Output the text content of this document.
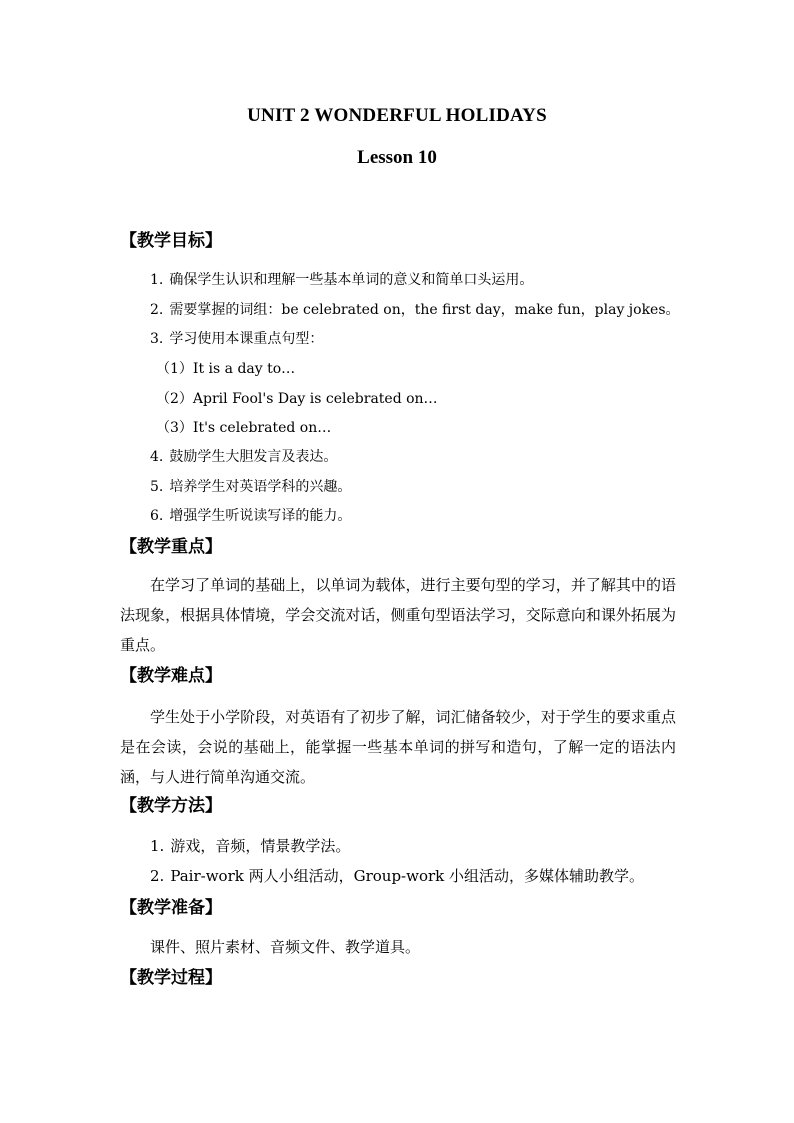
UNIT 2 WONDERFUL HOLIDAYS
Lesson 10
【教学目标】
1. 确保学生认识和理解一些基本单词的意义和简单口头运用。
2. 需要掌握的词组：be celebrated on，the first day，make fun，play jokes。
3. 学习使用本课重点句型：
（1）It is a day to…
（2）April Fool's Day is celebrated on…
（3）It's celebrated on…
4. 鼓励学生大胆发言及表达。
5. 培养学生对英语学科的兴趣。
6. 增强学生听说读写译的能力。
【教学重点】
在学习了单词的基础上，以单词为载体，进行主要句型的学习，并了解其中的语法现象，根据具体情境，学会交流对话，侧重句型语法学习，交际意向和课外拓展为重点。
【教学难点】
学生处于小学阶段，对英语有了初步了解，词汇储备较少，对于学生的要求重点是在会读，会说的基础上，能掌握一些基本单词的拼写和造句，了解一定的语法内涵，与人进行简单沟通交流。
【教学方法】
1. 游戏，音频，情景教学法。
2. Pair-work 两人小组活动，Group-work 小组活动，多媒体辅助教学。
【教学准备】
课件、照片素材、音频文件、教学道具。
【教学过程】
